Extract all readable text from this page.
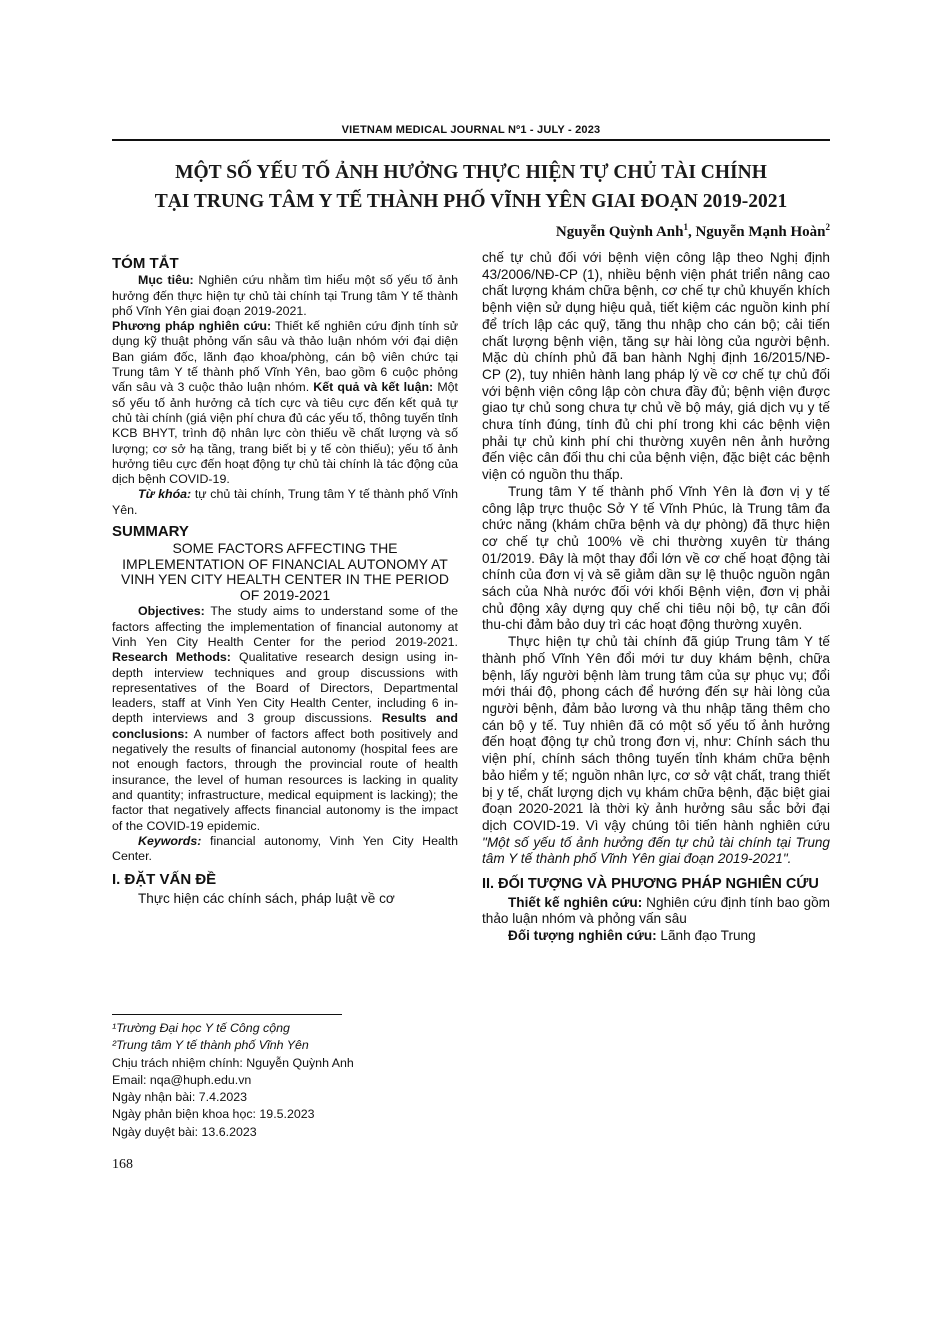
VIETNAM MEDICAL JOURNAL Nº1 - JULY - 2023
MỘT SỐ YẾU TỐ ẢNH HƯỞNG THỰC HIỆN TỰ CHỦ TÀI CHÍNH
TẠI TRUNG TÂM Y TẾ THÀNH PHỐ VĨNH YÊN GIAI ĐOẠN 2019-2021
Nguyễn Quỳnh Anh$^1$, Nguyễn Mạnh Hoàn$^2$
TÓM TẮT

Mục tiêu: Nghiên cứu nhằm tìm hiểu một số yếu tố ảnh hưởng đến thực hiện tự chủ tài chính tại Trung tâm Y tế thành phố Vĩnh Yên giai đoạn 2019-2021.

Phương pháp nghiên cứu: Thiết kế nghiên cứu định tính sử dụng kỹ thuật phỏng vấn sâu và thảo luận nhóm với đại diện Ban giám đốc, lãnh đạo khoa/phòng, cán bộ viên chức tại Trung tâm Y tế thành phố Vĩnh Yên, bao gồm 6 cuộc phỏng vấn sâu và 3 cuộc thảo luận nhóm. Kết quả và kết luận: Một số yếu tố ảnh hưởng cả tích cực và tiêu cực đến kết quả tự chủ tài chính (giá viện phí chưa đủ các yếu tố, thông tuyến tỉnh KCB BHYT, trình độ nhân lực còn thiếu về chất lượng và số lượng; cơ sở hạ tầng, trang biết bị y tế còn thiếu); yếu tố ảnh hưởng tiêu cực đến hoạt động tự chủ tài chính là tác động của dịch bệnh COVID-19.

Từ khóa: tự chủ tài chính, Trung tâm Y tế thành phố Vĩnh Yên.

SUMMARY
SOME FACTORS AFFECTING THE IMPLEMENTATION OF FINANCIAL AUTONOMY AT VINH YEN CITY HEALTH CENTER IN THE PERIOD OF 2019-2021

Objectives: The study aims to understand some of the factors affecting the implementation of financial autonomy at Vinh Yen City Health Center for the period 2019-2021. Research Methods: Qualitative research design using in-depth interview techniques and group discussions with representatives of the Board of Directors, Departmental leaders, staff at Vinh Yen City Health Center, including 6 in-depth interviews and 3 group discussions. Results and conclusions: A number of factors affect both positively and negatively the results of financial autonomy (hospital fees are not enough factors, through the provincial route of health insurance, the level of human resources is lacking in quality and quantity; infrastructure, medical equipment is lacking); the factor that negatively affects financial autonomy is the impact of the COVID-19 epidemic.

Keywords: financial autonomy, Vinh Yen City Health Center.

I. ĐẶT VẤN ĐỀ

Thực hiện các chính sách, pháp luật về cơ

¹Trường Đại học Y tế Công cộng

²Trung tâm Y tế thành phố Vĩnh Yên

Chịu trách nhiệm chính: Nguyễn Quỳnh Anh

Email: nqa@huph.edu.vn

Ngày nhận bài: 7.4.2023

Ngày phản biện khoa học: 19.5.2023

Ngày duyệt bài: 13.6.2023

168

chế tự chủ đối với bệnh viện công lập theo Nghị định 43/2006/NĐ-CP (1), nhiều bệnh viện phát triển nâng cao chất lượng khám chữa bệnh, cơ chế tự chủ khuyến khích bệnh viện sử dụng hiệu quả, tiết kiệm các nguồn kinh phí để trích lập các quỹ, tăng thu nhập cho cán bộ; cải tiến chất lượng bệnh viện, tăng sự hài lòng của người bệnh. Mặc dù chính phủ đã ban hành Nghị định 16/2015/NĐ-CP (2), tuy nhiên hành lang pháp lý về cơ chế tự chủ đối với bệnh viện công lập còn chưa đầy đủ; bệnh viện được giao tự chủ song chưa tự chủ về bộ máy, giá dịch vụ y tế chưa tính đúng, tính đủ chi phí trong khi các bệnh viện phải tự chủ kinh phí chi thường xuyên nên ảnh hưởng đến việc cân đối thu chi của bệnh viện, đặc biệt các bệnh viện có nguồn thu thấp.

Trung tâm Y tế thành phố Vĩnh Yên là đơn vị y tế công lập trực thuộc Sở Y tế Vĩnh Phúc, là Trung tâm đa chức năng (khám chữa bệnh và dự phòng) đã thực hiện cơ chế tự chủ 100% về chi thường xuyên từ tháng 01/2019. Đây là một thay đổi lớn về cơ chế hoạt động tài chính của đơn vị và sẽ giảm dần sự lệ thuộc nguồn ngân sách của Nhà nước đối với khối Bệnh viện, đơn vị phải chủ động xây dựng quy chế chi tiêu nội bộ, tự cân đối thu-chi đảm bảo duy trì các hoạt động thường xuyên.

Thực hiện tự chủ tài chính đã giúp Trung tâm Y tế thành phố Vĩnh Yên đổi mới tư duy khám bệnh, chữa bệnh, lấy người bệnh làm trung tâm của sự phục vụ; đổi mới thái độ, phong cách để hướng đến sự hài lòng của người bệnh, đảm bảo lương và thu nhập tăng thêm cho cán bộ y tế. Tuy nhiên đã có một số yếu tố ảnh hưởng đến hoạt động tự chủ trong đơn vị, như: Chính sách thu viện phí, chính sách thông tuyến tỉnh khám chữa bệnh bảo hiểm y tế; nguồn nhân lực, cơ sở vật chất, trang thiết bị y tế, chất lượng dịch vụ khám chữa bệnh, đặc biệt giai đoạn 2020-2021 là thời kỳ ảnh hưởng sâu sắc bởi đại dịch COVID-19. Vì vậy chúng tôi tiến hành nghiên cứu "Một số yếu tố ảnh hưởng đến tự chủ tài chính tại Trung tâm Y tế thành phố Vĩnh Yên giai đoạn 2019-2021".

II. ĐỐI TƯỢNG VÀ PHƯƠNG PHÁP NGHIÊN CỨU

Thiết kế nghiên cứu: Nghiên cứu định tính bao gồm thảo luận nhóm và phỏng vấn sâu

Đối tượng nghiên cứu: Lãnh đạo Trung
